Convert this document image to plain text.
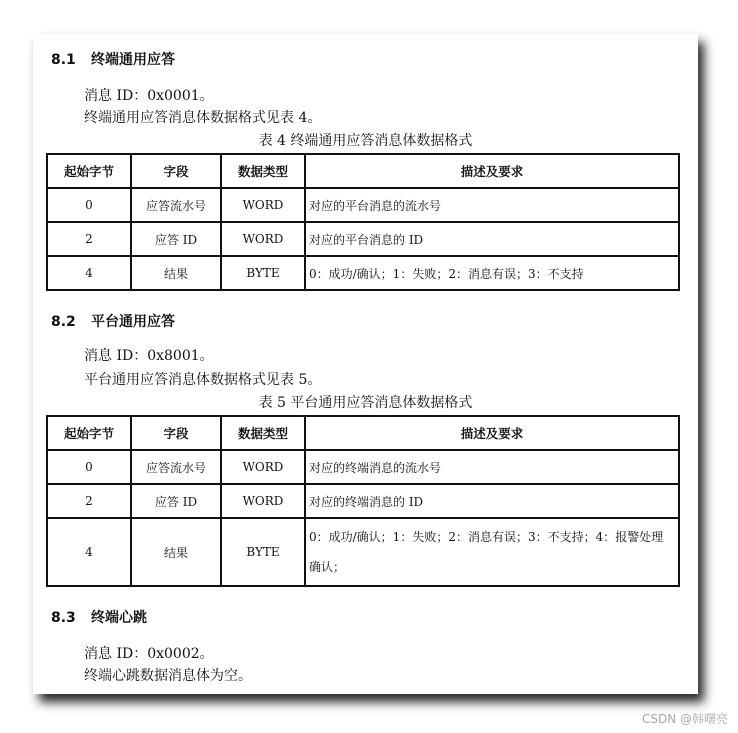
8.1 终端通用应答
消息 ID：0x0001。
终端通用应答消息体数据格式见表 4。
表 4 终端通用应答消息体数据格式
起始字节	字段	数据类型	描述及要求
0	应答流水号	WORD	对应的平台消息的流水号
2	应答 ID	WORD	对应的平台消息的 ID
4	结果	BYTE	0：成功/确认；1：失败；2：消息有误；3：不支持
8.2 平台通用应答
消息 ID：0x8001。
平台通用应答消息体数据格式见表 5。
表 5 平台通用应答消息体数据格式
起始字节	字段	数据类型	描述及要求
0	应答流水号	WORD	对应的终端消息的流水号
2	应答 ID	WORD	对应的终端消息的 ID
4	结果	BYTE	0：成功/确认；1：失败；2：消息有误；3：不支持；4：报警处理确认；
8.3 终端心跳
消息 ID：0x0002。
终端心跳数据消息体为空。
CSDN @韩曙亮
